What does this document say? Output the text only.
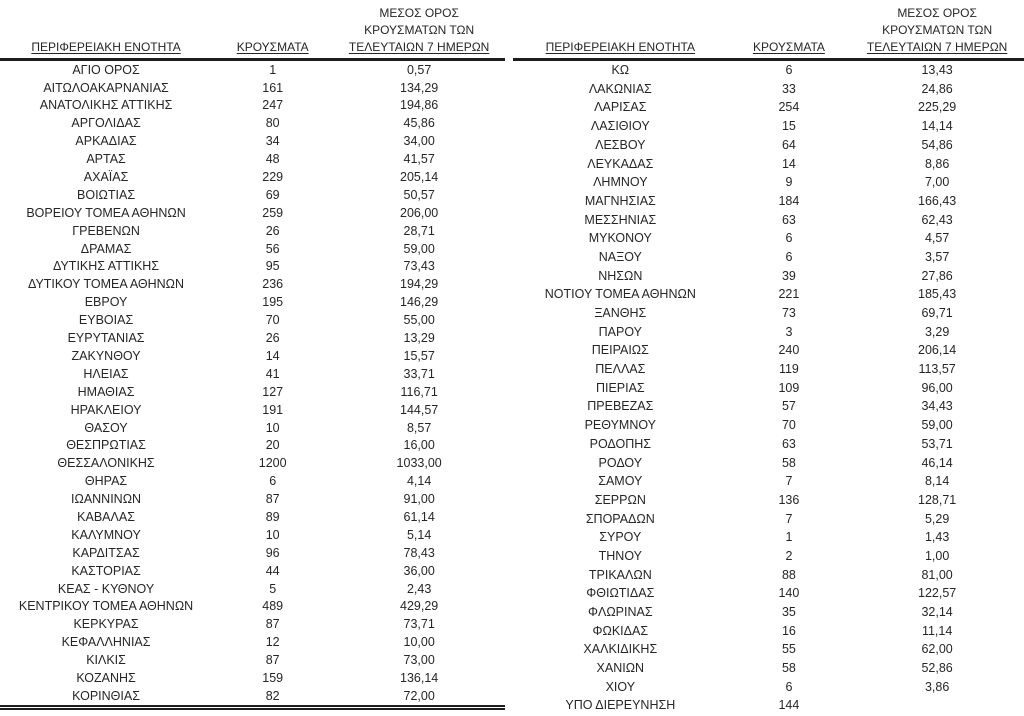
ΠΕΡΙΦΕΡΕΙΑΚΗ ΕΝΟΤΗΤΑ	ΚΡΟΥΣΜΑΤΑ	ΜΕΣΟΣ ΟΡΟΣ
ΚΡΟΥΣΜΑΤΩΝ ΤΩΝ
ΤΕΛΕΥΤΑΙΩΝ 7 ΗΜΕΡΩΝ

ΑΓΙΟ ΟΡΟΣ	1	0,57
ΑΙΤΩΛΟΑΚΑΡΝΑΝΙΑΣ	161	134,29
ΑΝΑΤΟΛΙΚΗΣ ΑΤΤΙΚΗΣ	247	194,86
ΑΡΓΟΛΙΔΑΣ	80	45,86
ΑΡΚΑΔΙΑΣ	34	34,00
ΑΡΤΑΣ	48	41,57
ΑΧΑΪΑΣ	229	205,14
ΒΟΙΩΤΙΑΣ	69	50,57
ΒΟΡΕΙΟΥ ΤΟΜΕΑ ΑΘΗΝΩΝ	259	206,00
ΓΡΕΒΕΝΩΝ	26	28,71
ΔΡΑΜΑΣ	56	59,00
ΔΥΤΙΚΗΣ ΑΤΤΙΚΗΣ	95	73,43
ΔΥΤΙΚΟΥ ΤΟΜΕΑ ΑΘΗΝΩΝ	236	194,29
ΕΒΡΟΥ	195	146,29
ΕΥΒΟΙΑΣ	70	55,00
ΕΥΡΥΤΑΝΙΑΣ	26	13,29
ΖΑΚΥΝΘΟΥ	14	15,57
ΗΛΕΙΑΣ	41	33,71
ΗΜΑΘΙΑΣ	127	116,71
ΗΡΑΚΛΕΙΟΥ	191	144,57
ΘΑΣΟΥ	10	8,57
ΘΕΣΠΡΩΤΙΑΣ	20	16,00
ΘΕΣΣΑΛΟΝΙΚΗΣ	1200	1033,00
ΘΗΡΑΣ	6	4,14
ΙΩΑΝΝΙΝΩΝ	87	91,00
ΚΑΒΑΛΑΣ	89	61,14
ΚΑΛΥΜΝΟΥ	10	5,14
ΚΑΡΔΙΤΣΑΣ	96	78,43
ΚΑΣΤΟΡΙΑΣ	44	36,00
ΚΕΑΣ - ΚΥΘΝΟΥ	5	2,43
ΚΕΝΤΡΙΚΟΥ ΤΟΜΕΑ ΑΘΗΝΩΝ	489	429,29
ΚΕΡΚΥΡΑΣ	87	73,71
ΚΕΦΑΛΛΗΝΙΑΣ	12	10,00
ΚΙΛΚΙΣ	87	73,00
ΚΟΖΑΝΗΣ	159	136,14
ΚΟΡΙΝΘΙΑΣ	82	72,00
ΠΕΡΙΦΕΡΕΙΑΚΗ ΕΝΟΤΗΤΑ	ΚΡΟΥΣΜΑΤΑ	ΜΕΣΟΣ ΟΡΟΣ
ΚΡΟΥΣΜΑΤΩΝ ΤΩΝ
ΤΕΛΕΥΤΑΙΩΝ 7 ΗΜΕΡΩΝ

ΚΩ	6	13,43
ΛΑΚΩΝΙΑΣ	33	24,86
ΛΑΡΙΣΑΣ	254	225,29
ΛΑΣΙΘΙΟΥ	15	14,14
ΛΕΣΒΟΥ	64	54,86
ΛΕΥΚΑΔΑΣ	14	8,86
ΛΗΜΝΟΥ	9	7,00
ΜΑΓΝΗΣΙΑΣ	184	166,43
ΜΕΣΣΗΝΙΑΣ	63	62,43
ΜΥΚΟΝΟΥ	6	4,57
ΝΑΞΟΥ	6	3,57
ΝΗΣΩΝ	39	27,86
ΝΟΤΙΟΥ ΤΟΜΕΑ ΑΘΗΝΩΝ	221	185,43
ΞΑΝΘΗΣ	73	69,71
ΠΑΡΟΥ	3	3,29
ΠΕΙΡΑΙΩΣ	240	206,14
ΠΕΛΛΑΣ	119	113,57
ΠΙΕΡΙΑΣ	109	96,00
ΠΡΕΒΕΖΑΣ	57	34,43
ΡΕΘΥΜΝΟΥ	70	59,00
ΡΟΔΟΠΗΣ	63	53,71
ΡΟΔΟΥ	58	46,14
ΣΑΜΟΥ	7	8,14
ΣΕΡΡΩΝ	136	128,71
ΣΠΟΡΑΔΩΝ	7	5,29
ΣΥΡΟΥ	1	1,43
ΤΗΝΟΥ	2	1,00
ΤΡΙΚΑΛΩΝ	88	81,00
ΦΘΙΩΤΙΔΑΣ	140	122,57
ΦΛΩΡΙΝΑΣ	35	32,14
ΦΩΚΙΔΑΣ	16	11,14
ΧΑΛΚΙΔΙΚΗΣ	55	62,00
ΧΑΝΙΩΝ	58	52,86
ΧΙΟΥ	6	3,86
ΥΠΟ ΔΙΕΡΕΥΝΗΣΗ	144	
